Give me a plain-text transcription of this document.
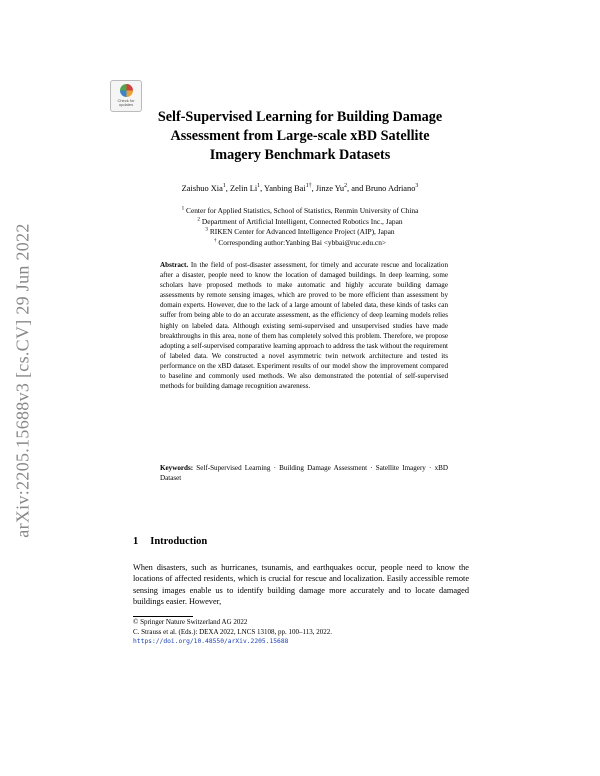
arXiv:2205.15688v3 [cs.CV] 29 Jun 2022
Check for
updates
Self-Supervised Learning for Building Damage
Assessment from Large-scale xBD Satellite
Imagery Benchmark Datasets
Zaishuo Xia$^1$, Zelin Li$^1$, Yanbing Bai$^{1\dagger}$, Jinze Yu$^2$, and Bruno Adriano$^3$
$^1$ Center for Applied Statistics, School of Statistics, Renmin University of China
$^2$ Department of Artificial Intelligent, Connected Robotics Inc., Japan
$^3$ RIKEN Center for Advanced Intelligence Project (AIP), Japan
† Corresponding author:Yanbing Bai <ybbai@ruc.edu.cn>
Abstract. In the field of post-disaster assessment, for timely and accurate rescue and localization after a disaster, people need to know the location of damaged buildings. In deep learning, some scholars have proposed methods to make automatic and highly accurate building damage assessments by remote sensing images, which are proved to be more efficient than assessment by domain experts. However, due to the lack of a large amount of labeled data, these kinds of tasks can suffer from being able to do an accurate assessment, as the efficiency of deep learning models relies highly on labeled data. Although existing semi-supervised and unsupervised studies have made breakthroughs in this area, none of them has completely solved this problem. Therefore, we propose adopting a self-supervised comparative learning approach to address the task without the requirement of labeled data. We constructed a novel asymmetric twin network architecture and tested its performance on the xBD dataset. Experiment results of our model show the improvement compared to baseline and commonly used methods. We also demonstrated the potential of self-supervised methods for building damage recognition awareness.
Keywords: Self-Supervised Learning · Building Damage Assessment · Satellite Imagery · xBD Dataset
1 Introduction
When disasters, such as hurricanes, tsunamis, and earthquakes occur, people need to know the locations of affected residents, which is crucial for rescue and localization. Easily accessible remote sensing images enable us to identify building damage more accurately and to locate damaged buildings easier. However,
© Springer Nature Switzerland AG 2022
C. Strauss et al. (Eds.): DEXA 2022, LNCS 13108, pp. 100–113, 2022.
https://doi.org/10.48550/arXiv.2205.15688
